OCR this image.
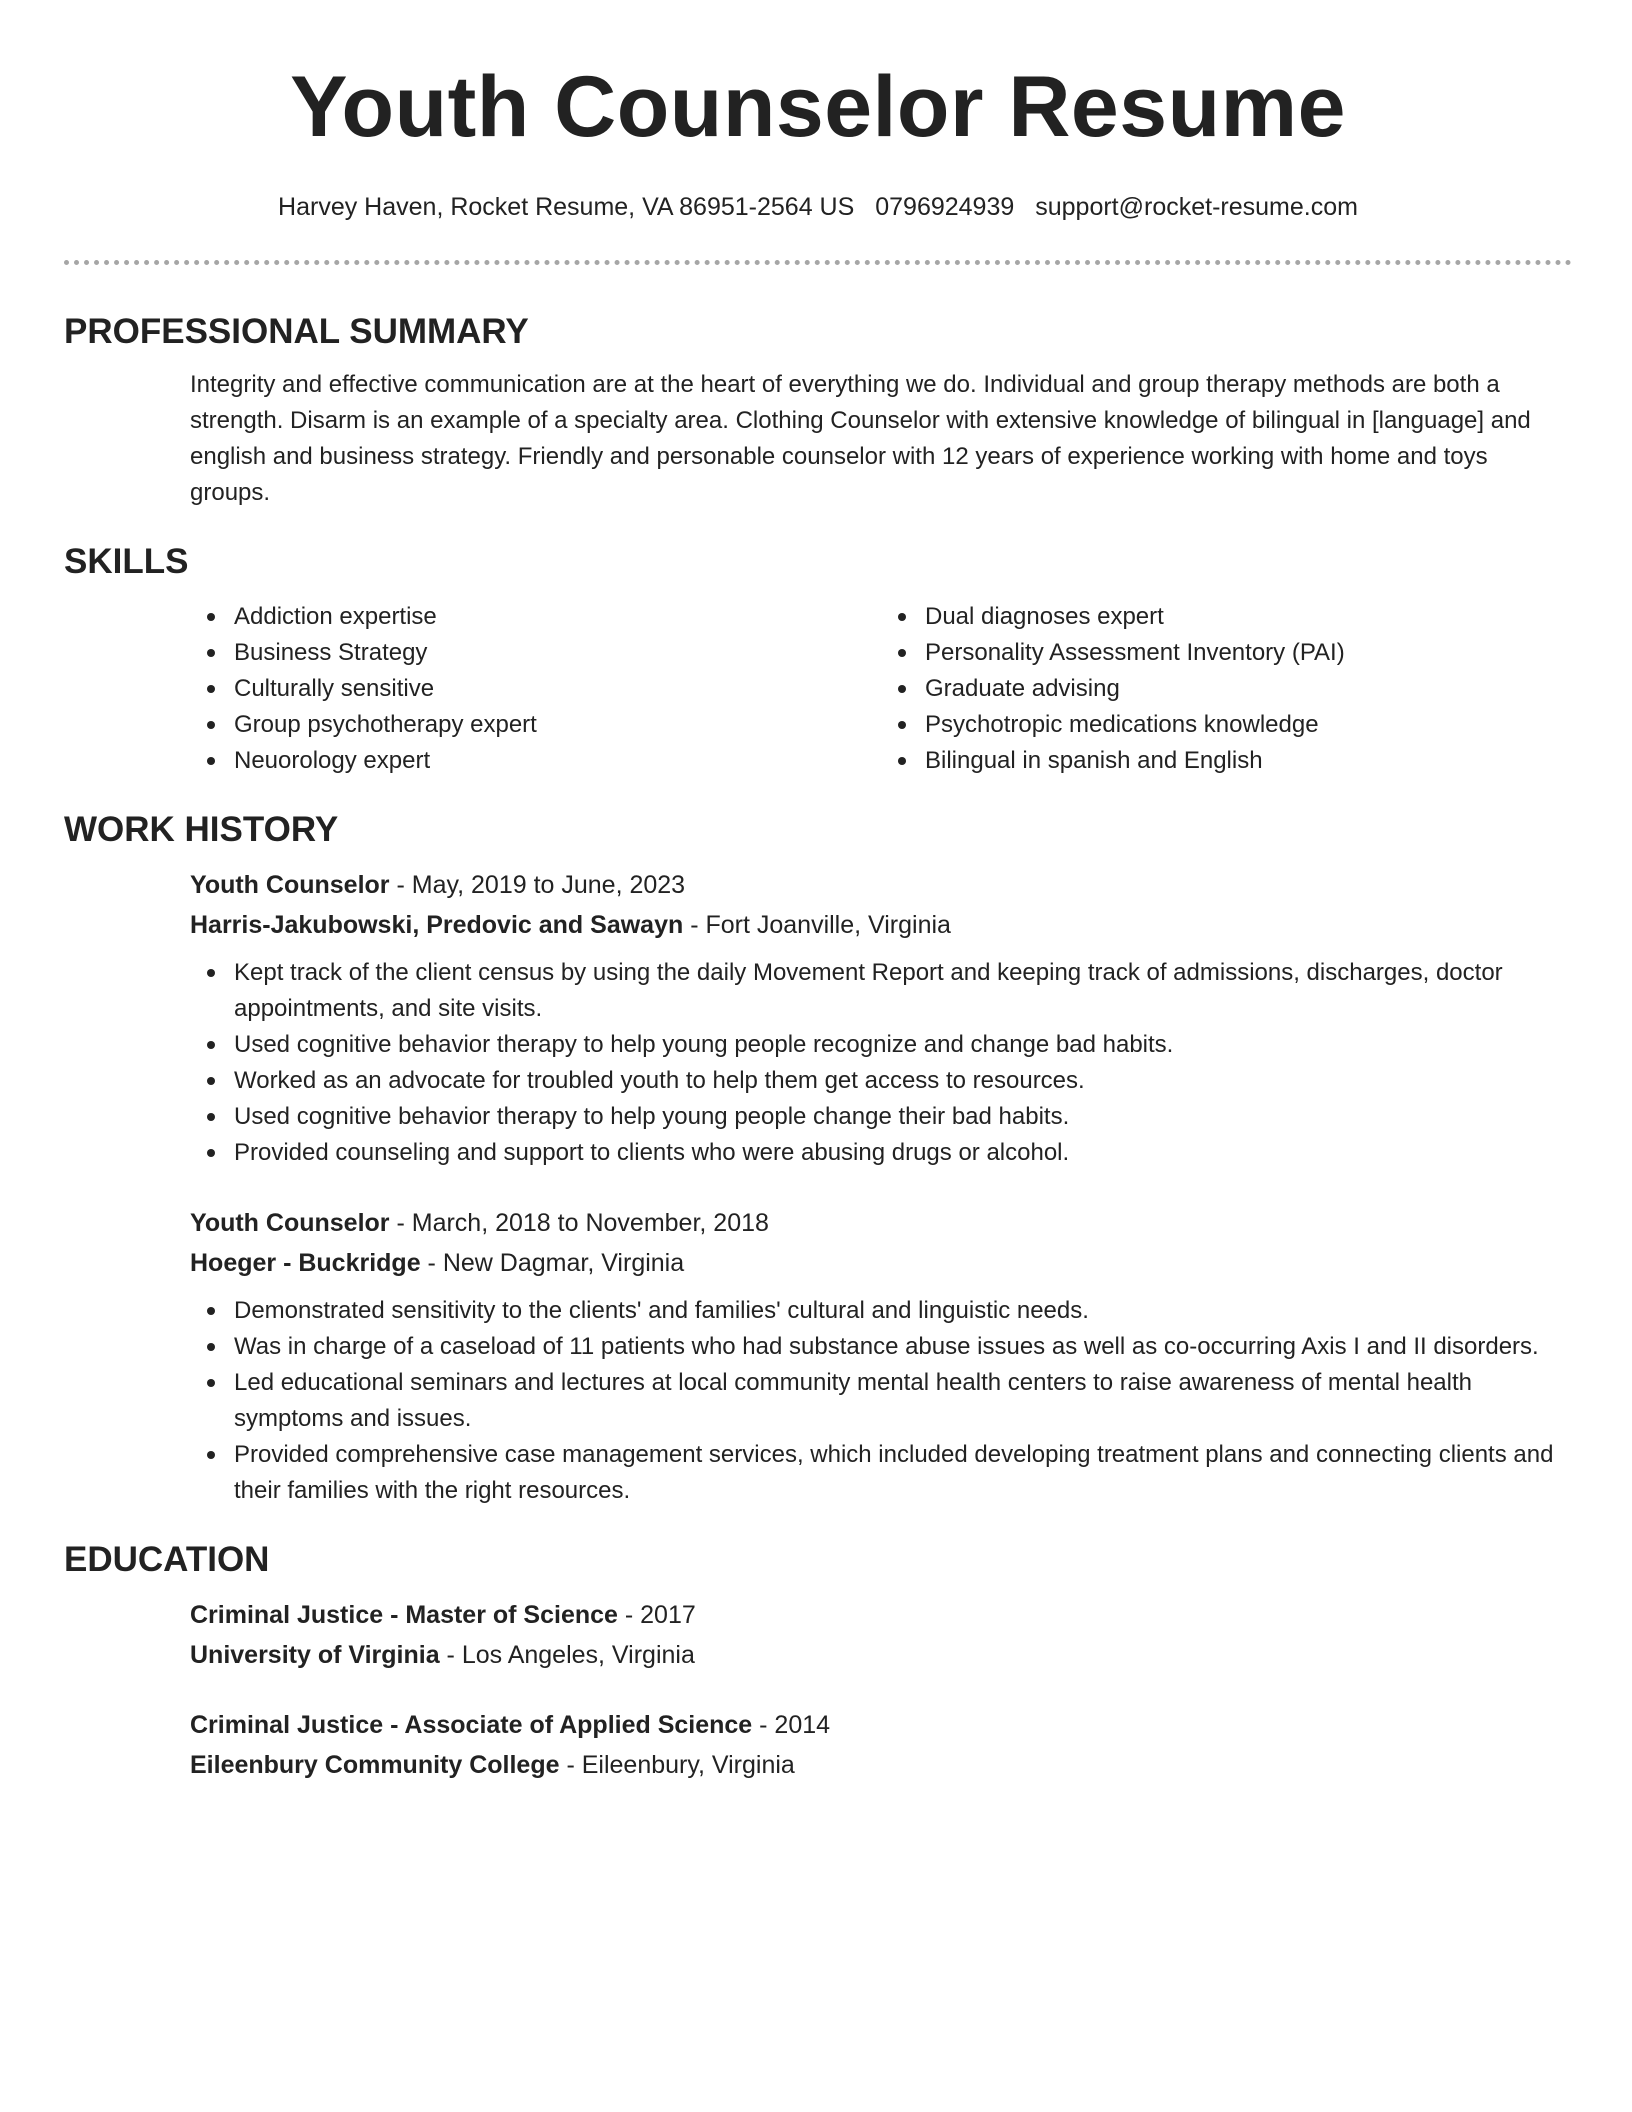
Youth Counselor Resume
Harvey Haven, Rocket Resume, VA 86951-2564 US 0796924939 support@rocket-resume.com
PROFESSIONAL SUMMARY
Integrity and effective communication are at the heart of everything we do. Individual and group therapy methods are both a strength. Disarm is an example of a specialty area. Clothing Counselor with extensive knowledge of bilingual in [language] and english and business strategy. Friendly and personable counselor with 12 years of experience working with home and toys groups.
SKILLS
Addiction expertise
Business Strategy
Culturally sensitive
Group psychotherapy expert
Neuorology expert
Dual diagnoses expert
Personality Assessment Inventory (PAI)
Graduate advising
Psychotropic medications knowledge
Bilingual in spanish and English
WORK HISTORY
Youth Counselor - May, 2019 to June, 2023
Harris-Jakubowski, Predovic and Sawayn - Fort Joanville, Virginia
Kept track of the client census by using the daily Movement Report and keeping track of admissions, discharges, doctor appointments, and site visits.
Used cognitive behavior therapy to help young people recognize and change bad habits.
Worked as an advocate for troubled youth to help them get access to resources.
Used cognitive behavior therapy to help young people change their bad habits.
Provided counseling and support to clients who were abusing drugs or alcohol.
Youth Counselor - March, 2018 to November, 2018
Hoeger - Buckridge - New Dagmar, Virginia
Demonstrated sensitivity to the clients' and families' cultural and linguistic needs.
Was in charge of a caseload of 11 patients who had substance abuse issues as well as co-occurring Axis I and II disorders.
Led educational seminars and lectures at local community mental health centers to raise awareness of mental health symptoms and issues.
Provided comprehensive case management services, which included developing treatment plans and connecting clients and their families with the right resources.
EDUCATION
Criminal Justice - Master of Science - 2017
University of Virginia - Los Angeles, Virginia
Criminal Justice - Associate of Applied Science - 2014
Eileenbury Community College - Eileenbury, Virginia
